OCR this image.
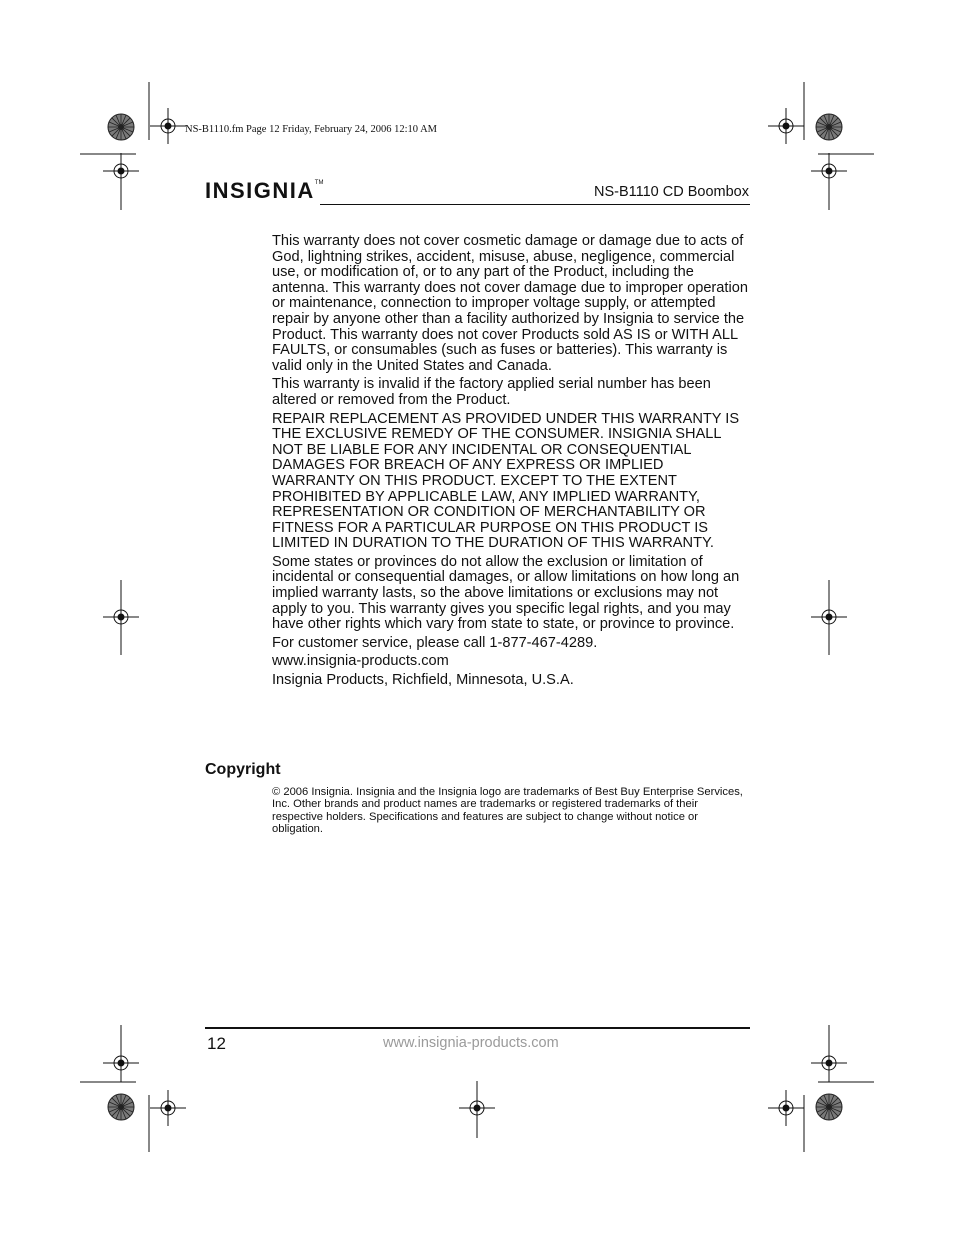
NS-B1110.fm Page 12 Friday, February 24, 2006 12:10 AM
INSIGNIA™
NS-B1110 CD Boombox

This warranty does not cover cosmetic damage or damage due to acts of God, lightning strikes, accident, misuse, abuse, negligence, commercial use, or modification of, or to any part of the Product, including the antenna. This warranty does not cover damage due to improper operation or maintenance, connection to improper voltage supply, or attempted repair by anyone other than a facility authorized by Insignia to service the Product. This warranty does not cover Products sold AS IS or WITH ALL FAULTS, or consumables (such as fuses or batteries). This warranty is valid only in the United States and Canada.

This warranty is invalid if the factory applied serial number has been altered or removed from the Product.

REPAIR REPLACEMENT AS PROVIDED UNDER THIS WARRANTY IS THE EXCLUSIVE REMEDY OF THE CONSUMER. INSIGNIA SHALL NOT BE LIABLE FOR ANY INCIDENTAL OR CONSEQUENTIAL DAMAGES FOR BREACH OF ANY EXPRESS OR IMPLIED WARRANTY ON THIS PRODUCT. EXCEPT TO THE EXTENT PROHIBITED BY APPLICABLE LAW, ANY IMPLIED WARRANTY, REPRESENTATION OR CONDITION OF MERCHANTABILITY OR FITNESS FOR A PARTICULAR PURPOSE ON THIS PRODUCT IS LIMITED IN DURATION TO THE DURATION OF THIS WARRANTY.

Some states or provinces do not allow the exclusion or limitation of incidental or consequential damages, or allow limitations on how long an implied warranty lasts, so the above limitations or exclusions may not apply to you. This warranty gives you specific legal rights, and you may have other rights which vary from state to state, or province to province.

For customer service, please call 1-877-467-4289.

www.insignia-products.com

Insignia Products, Richfield, Minnesota, U.S.A.

Copyright
© 2006 Insignia. Insignia and the Insignia logo are trademarks of Best Buy Enterprise Services, Inc. Other brands and product names are trademarks or registered trademarks of their respective holders. Specifications and features are subject to change without notice or obligation.
12	www.insignia-products.com
